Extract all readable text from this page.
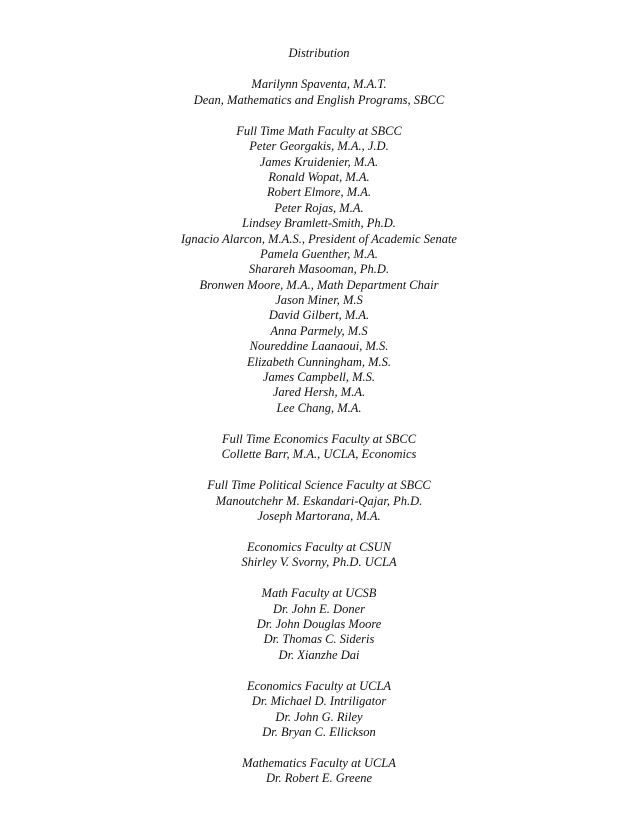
Distribution
Marilynn Spaventa, M.A.T.
Dean, Mathematics and English Programs, SBCC
Full Time Math Faculty at SBCC
Peter Georgakis, M.A., J.D.
James Kruidenier, M.A.
Ronald Wopat, M.A.
Robert Elmore, M.A.
Peter Rojas, M.A.
Lindsey Bramlett-Smith, Ph.D.
Ignacio Alarcon, M.A.S., President of Academic Senate
Pamela Guenther, M.A.
Sharareh Masooman, Ph.D.
Bronwen Moore, M.A., Math Department Chair
Jason Miner, M.S
David Gilbert, M.A.
Anna Parmely, M.S
Noureddine Laanaoui, M.S.
Elizabeth Cunningham, M.S.
James Campbell, M.S.
Jared Hersh, M.A.
Lee Chang, M.A.
Full Time Economics Faculty at SBCC
Collette Barr, M.A., UCLA, Economics
Full Time Political Science Faculty at SBCC
Manoutchehr M. Eskandari-Qajar, Ph.D.
Joseph Martorana, M.A.
Economics Faculty at CSUN
Shirley V. Svorny, Ph.D. UCLA
Math Faculty at UCSB
Dr. John E. Doner
Dr. John Douglas Moore
Dr. Thomas C. Sideris
Dr. Xianzhe Dai
Economics Faculty at UCLA
Dr. Michael D. Intriligator
Dr. John G. Riley
Dr. Bryan C. Ellickson
Mathematics Faculty at UCLA
Dr. Robert E. Greene
